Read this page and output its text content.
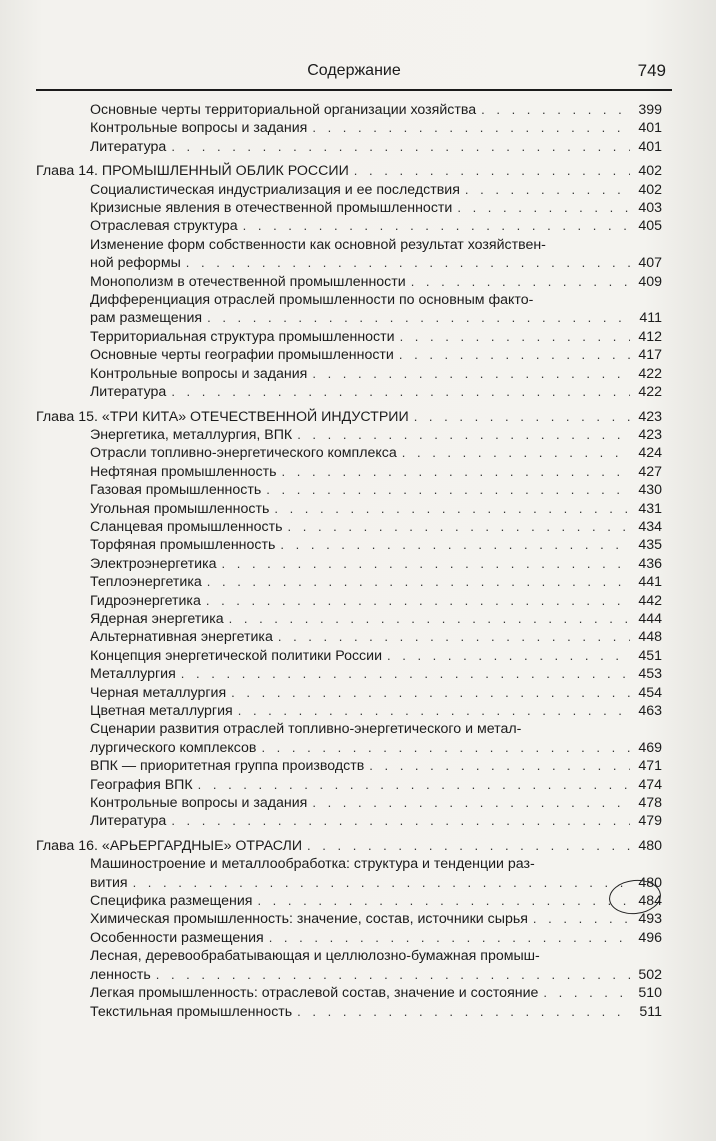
Содержание	749
Основные черты территориальной организации хозяйства . . .	399
Контрольные вопросы и задания . . .	401
Литература . . .	401
Глава 14. ПРОМЫШЛЕННЫЙ ОБЛИК РОССИИ . . .	402
Социалистическая индустриализация и ее последствия . . .	402
Кризисные явления в отечественной промышленности . . .	403
Отраслевая структура . . .	405
Изменение форм собственности как основной результат хозяйствен-
ной реформы . . .	407
Монополизм в отечественной промышленности . . .	409
Дифференциация отраслей промышленности по основным факто-
рам размещения . . .	411
Территориальная структура промышленности . . .	412
Основные черты географии промышленности . . .	417
Контрольные вопросы и задания . . .	422
Литература . . .	422
Глава 15. «ТРИ КИТА» ОТЕЧЕСТВЕННОЙ ИНДУСТРИИ . . .	423
Энергетика, металлургия, ВПК . . .	423
Отрасли топливно-энергетического комплекса . . .	424
Нефтяная промышленность . . .	427
Газовая промышленность . . .	430
Угольная промышленность . . .	431
Сланцевая промышленность . . .	434
Торфяная промышленность . . .	435
Электроэнергетика . . .	436
Теплоэнергетика . . .	441
Гидроэнергетика . . .	442
Ядерная энергетика . . .	444
Альтернативная энергетика . . .	448
Концепция энергетической политики России . . .	451
Металлургия . . .	453
Черная металлургия . . .	454
Цветная металлургия . . .	463
Сценарии развития отраслей топливно-энергетического и метал-
лургического комплексов . . .	469
ВПК — приоритетная группа производств . . .	471
География ВПК . . .	474
Контрольные вопросы и задания . . .	478
Литература . . .	479
Глава 16. «АРЬЕРГАРДНЫЕ» ОТРАСЛИ . . .	480
Машиностроение и металлообработка: структура и тенденции раз-
вития . . .	480
Специфика размещения . . .	484
Химическая промышленность: значение, состав, источники сырья . . .	493
Особенности размещения . . .	496
Лесная, деревообрабатывающая и целлюлозно-бумажная промыш-
ленность . . .	502
Легкая промышленность: отраслевой состав, значение и состояние . . .	510
Текстильная промышленность . . .	511
